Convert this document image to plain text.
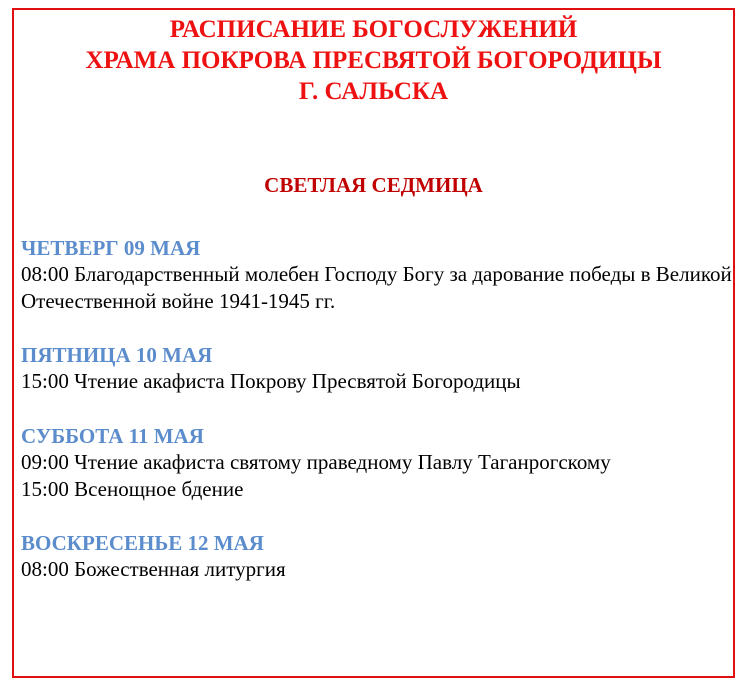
РАСПИСАНИЕ БОГОСЛУЖЕНИЙ
ХРАМА ПОКРОВА ПРЕСВЯТОЙ БОГОРОДИЦЫ
Г. САЛЬСКА
СВЕТЛАЯ СЕДМИЦА
ЧЕТВЕРГ 09 МАЯ
08:00 Благодарственный молебен Господу Богу за дарование победы в Великой Отечественной войне 1941-1945 гг.
ПЯТНИЦА 10 МАЯ
15:00 Чтение акафиста Покрову Пресвятой Богородицы
СУББОТА 11 МАЯ
09:00 Чтение акафиста святому праведному Павлу Таганрогскому
15:00 Всенощное бдение
ВОСКРЕСЕНЬЕ 12 МАЯ
08:00 Божественная литургия
